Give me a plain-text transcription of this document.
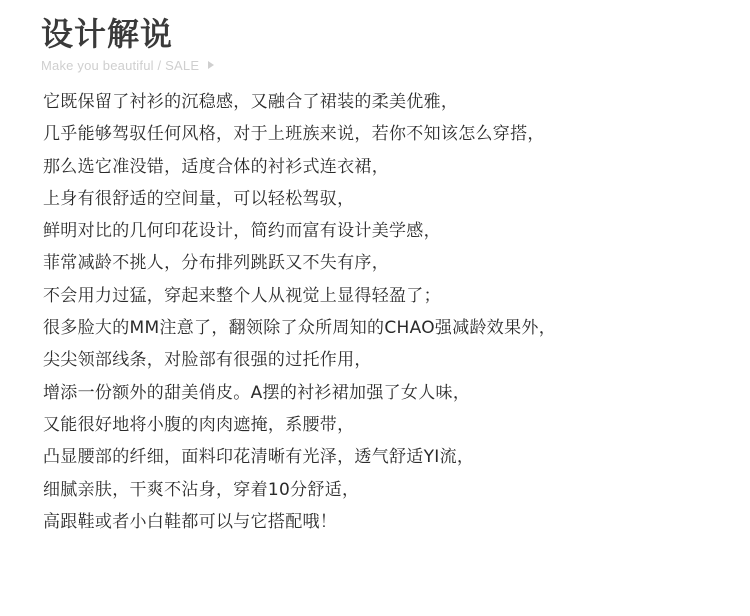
设计解说
Make you beautiful / SALE
它既保留了衬衫的沉稳感，又融合了裙装的柔美优雅，
几乎能够驾驭任何风格，对于上班族来说，若你不知该怎么穿搭，
那么选它准没错，适度合体的衬衫式连衣裙，
上身有很舒适的空间量，可以轻松驾驭，
鲜明对比的几何印花设计，简约而富有设计美学感，
菲常减龄不挑人，分布排列跳跃又不失有序，
不会用力过猛，穿起来整个人从视觉上显得轻盈了；
很多脸大的MM注意了，翻领除了众所周知的CHAO强减龄效果外，
尖尖领部线条，对脸部有很强的过托作用，
增添一份额外的甜美俏皮。A摆的衬衫裙加强了女人味，
又能很好地将小腹的肉肉遮掩，系腰带，
凸显腰部的纤细，面料印花清晰有光泽，透气舒适YI流，
细腻亲肤，干爽不沾身，穿着10分舒适，
高跟鞋或者小白鞋都可以与它搭配哦！
